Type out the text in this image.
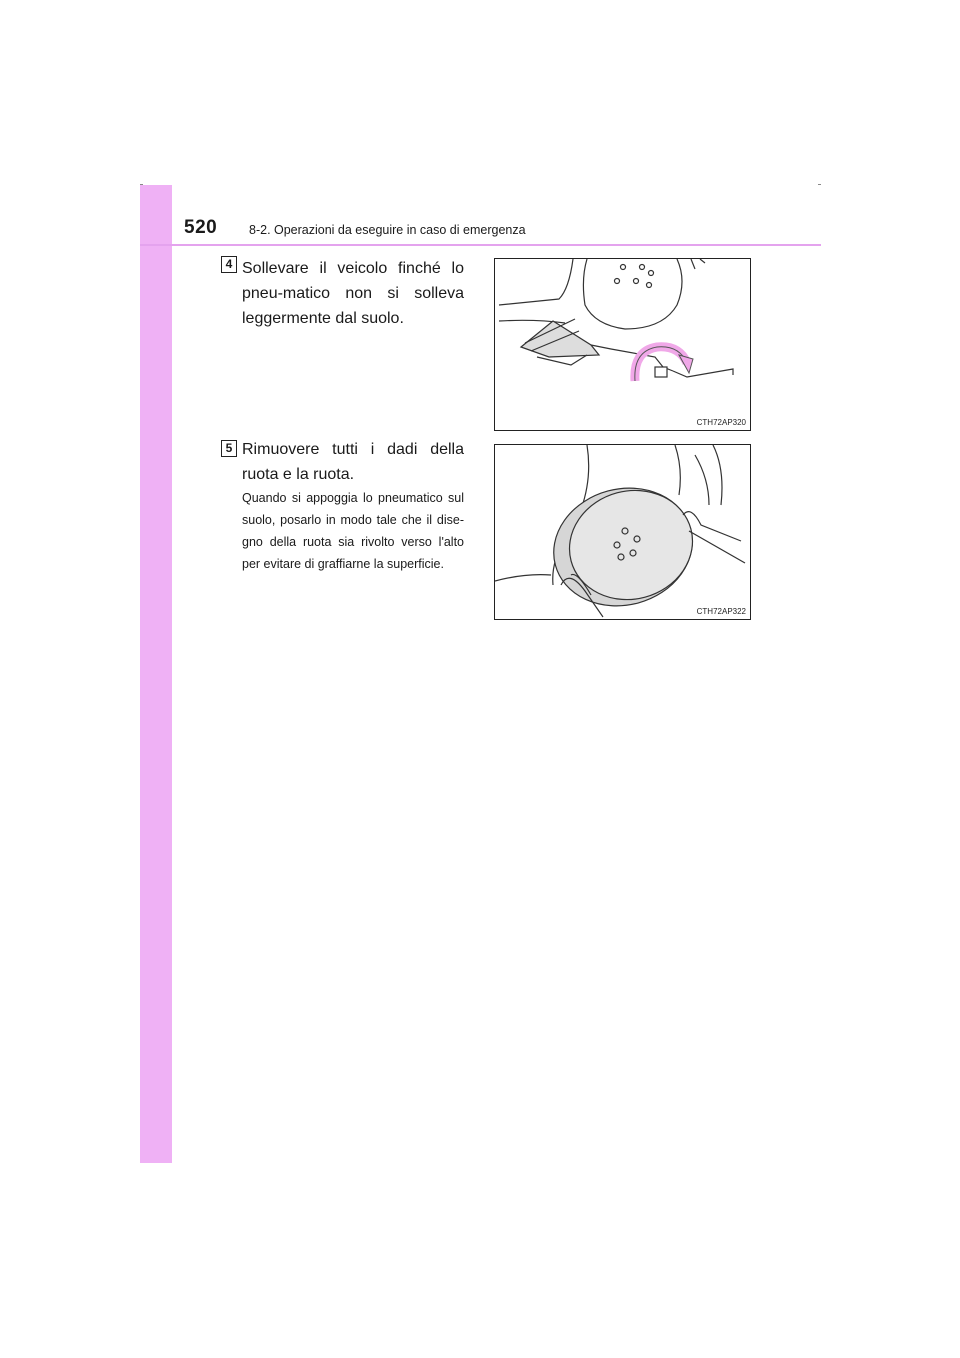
520	8-2. Operazioni da eseguire in caso di emergenza
4 Sollevare il veicolo finché lo pneu-matico non si solleva leggermente dal suolo.
CTH72AP320
5 Rimuovere tutti i dadi della ruota e la ruota.
Quando si appoggia lo pneumatico sul suolo, posarlo in modo tale che il dise-gno della ruota sia rivolto verso l'alto per evitare di graffiarne la superficie.
CTH72AP322
